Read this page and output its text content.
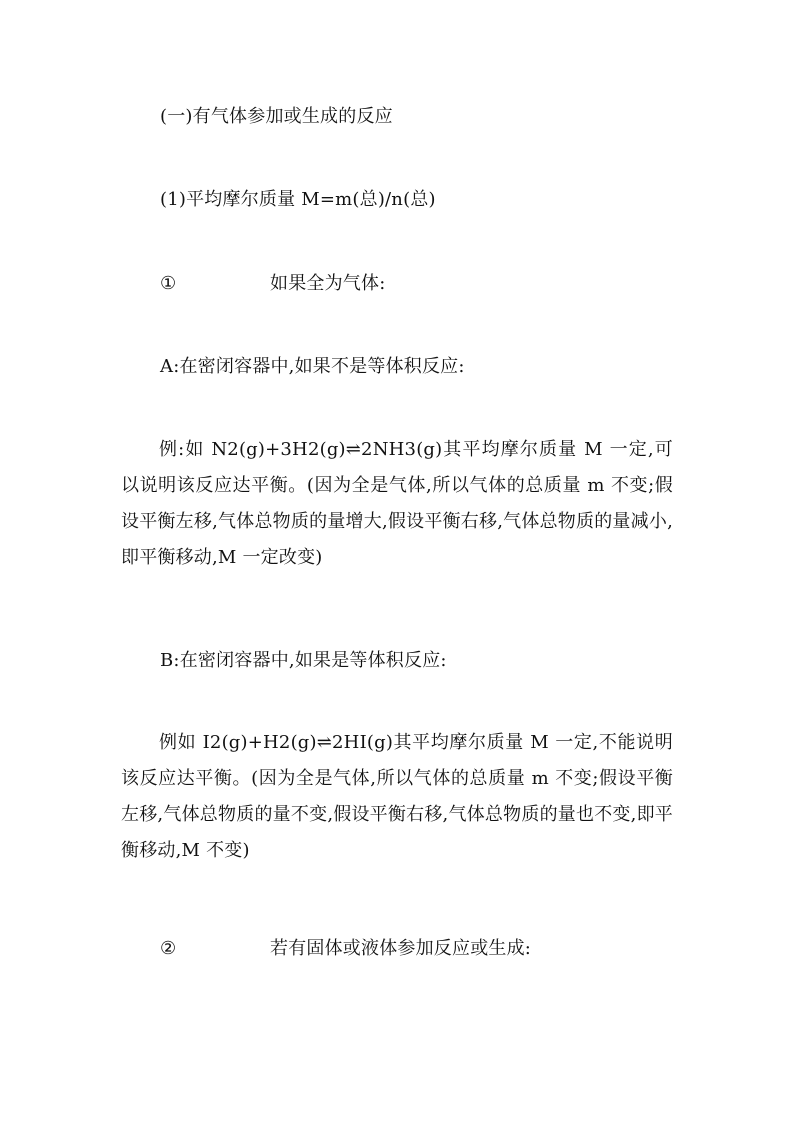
(一)有气体参加或生成的反应
(1)平均摩尔质量 M=m(总)/n(总)
①	如果全为气体:
A:在密闭容器中,如果不是等体积反应:
例:如 N2(g)+3H2(g)⇌2NH3(g)其平均摩尔质量 M 一定,可以说明该反应达平衡。(因为全是气体,所以气体的总质量 m 不变;假设平衡左移,气体总物质的量增大,假设平衡右移,气体总物质的量减小,即平衡移动,M 一定改变)
B:在密闭容器中,如果是等体积反应:
例如 I2(g)+H2(g)⇌2HI(g)其平均摩尔质量 M 一定,不能说明该反应达平衡。(因为全是气体,所以气体的总质量 m 不变;假设平衡左移,气体总物质的量不变,假设平衡右移,气体总物质的量也不变,即平衡移动,M 不变)
②	若有固体或液体参加反应或生成:
